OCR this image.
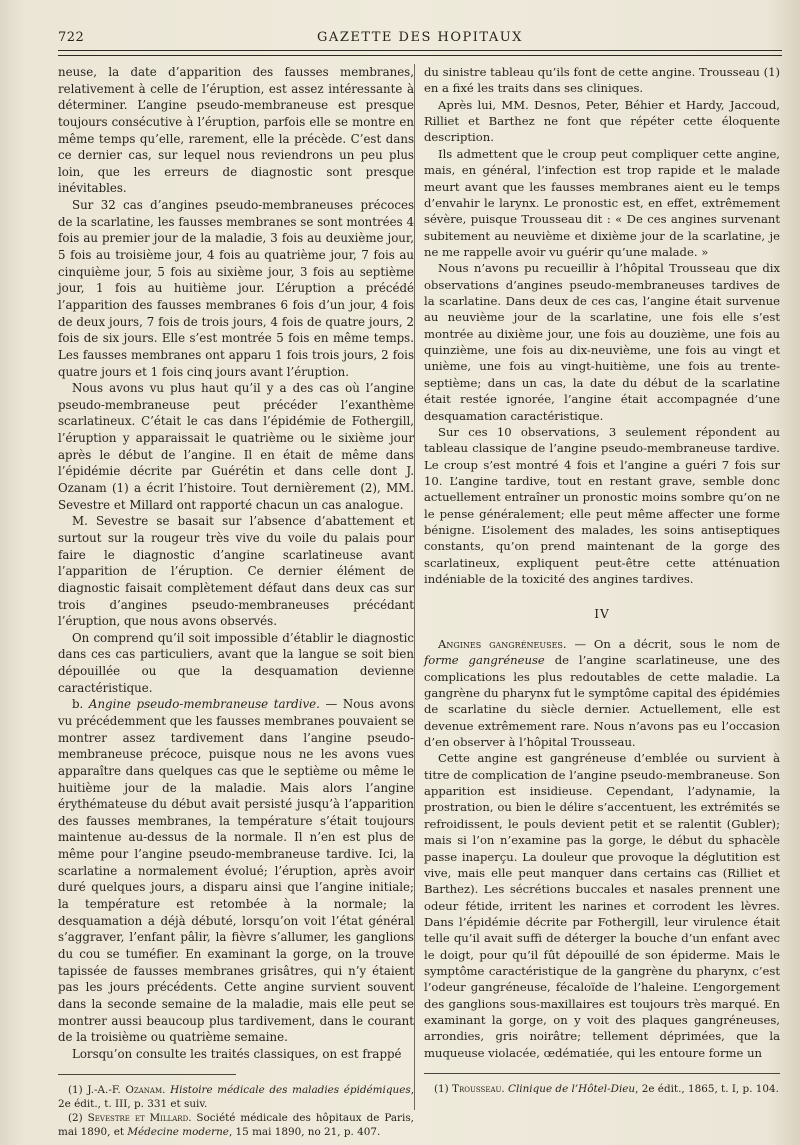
722	GAZETTE DES HOPITAUX

neuse, la date d’apparition des fausses membranes, relativement à celle de l’éruption, est assez intéressante à déterminer. L’angine pseudo-membraneuse est presque toujours consécutive à l’éruption, parfois elle se montre en même temps qu’elle, rarement, elle la précède. C’est dans ce dernier cas, sur lequel nous reviendrons un peu plus loin, que les erreurs de diagnostic sont presque inévitables.

Sur 32 cas d’angines pseudo-membraneuses précoces de la scarlatine, les fausses membranes se sont montrées 4 fois au premier jour de la maladie, 3 fois au deuxième jour, 5 fois au troisième jour, 4 fois au quatrième jour, 7 fois au cinquième jour, 5 fois au sixième jour, 3 fois au septième jour, 1 fois au huitième jour. L’éruption a précédé l’apparition des fausses membranes 6 fois d’un jour, 4 fois de deux jours, 7 fois de trois jours, 4 fois de quatre jours, 2 fois de six jours. Elle s’est montrée 5 fois en même temps. Les fausses membranes ont apparu 1 fois trois jours, 2 fois quatre jours et 1 fois cinq jours avant l’éruption.

Nous avons vu plus haut qu’il y a des cas où l’angine pseudo-membraneuse peut précéder l’exanthème scarlatineux. C’était le cas dans l’épidémie de Fothergill, l’éruption y apparaissait le quatrième ou le sixième jour après le début de l’angine. Il en était de même dans l’épidémie décrite par Guérétin et dans celle dont J. Ozanam (1) a écrit l’histoire. Tout dernièrement (2), MM. Sevestre et Millard ont rapporté chacun un cas analogue.

M. Sevestre se basait sur l’absence d’abattement et surtout sur la rougeur très vive du voile du palais pour faire le diagnostic d’angine scarlatineuse avant l’apparition de l’éruption. Ce dernier élément de diagnostic faisait complètement défaut dans deux cas sur trois d’angines pseudo-membraneuses précédant l’éruption, que nous avons observés.

On comprend qu’il soit impossible d’établir le diagnostic dans ces cas particuliers, avant que la langue se soit bien dépouillée ou que la desquamation devienne caractéristique.

b. Angine pseudo-membraneuse tardive. — Nous avons vu précédemment que les fausses membranes pouvaient se montrer assez tardivement dans l’angine pseudo-membraneuse précoce, puisque nous ne les avons vues apparaître dans quelques cas que le septième ou même le huitième jour de la maladie. Mais alors l’angine érythémateuse du début avait persisté jusqu’à l’apparition des fausses membranes, la température s’était toujours maintenue au-dessus de la normale. Il n’en est plus de même pour l’angine pseudo-membraneuse tardive. Ici, la scarlatine a normalement évolué; l’éruption, après avoir duré quelques jours, a disparu ainsi que l’angine initiale; la température est retombée à la normale; la desquamation a déjà débuté, lorsqu’on voit l’état général s’aggraver, l’enfant pâlir, la fièvre s’allumer, les ganglions du cou se tuméfier. En examinant la gorge, on la trouve tapissée de fausses membranes grisâtres, qui n’y étaient pas les jours précédents. Cette angine survient souvent dans la seconde semaine de la maladie, mais elle peut se montrer aussi beaucoup plus tardivement, dans le courant de la troisième ou quatrième semaine.

Lorsqu’on consulte les traités classiques, on est frappé

(1) J.-A.-F. Ozanam. Histoire médicale des maladies épidémiques, 2e édit., t. III, p. 331 et suiv.
(2) Sevestre et Millard. Société médicale des hôpitaux de Paris, mai 1890, et Médecine moderne, 15 mai 1890, no 21, p. 407.

du sinistre tableau qu’ils font de cette angine. Trousseau (1) en a fixé les traits dans ses cliniques.

Après lui, MM. Desnos, Peter, Béhier et Hardy, Jaccoud, Rilliet et Barthez ne font que répéter cette éloquente description.

Ils admettent que le croup peut compliquer cette angine, mais, en général, l’infection est trop rapide et le malade meurt avant que les fausses membranes aient eu le temps d’envahir le larynx. Le pronostic est, en effet, extrêmement sévère, puisque Trousseau dit : « De ces angines survenant subitement au neuvième et dixième jour de la scarlatine, je ne me rappelle avoir vu guérir qu’une malade. »

Nous n’avons pu recueillir à l’hôpital Trousseau que dix observations d’angines pseudo-membraneuses tardives de la scarlatine. Dans deux de ces cas, l’angine était survenue au neuvième jour de la scarlatine, une fois elle s’est montrée au dixième jour, une fois au douzième, une fois au quinzième, une fois au dix-neuvième, une fois au vingt et unième, une fois au vingt-huitième, une fois au trente-septième; dans un cas, la date du début de la scarlatine était restée ignorée, l’angine était accompagnée d’une desquamation caractéristique.

Sur ces 10 observations, 3 seulement répondent au tableau classique de l’angine pseudo-membraneuse tardive. Le croup s’est montré 4 fois et l’angine a guéri 7 fois sur 10. L’angine tardive, tout en restant grave, semble donc actuellement entraîner un pronostic moins sombre qu’on ne le pense généralement; elle peut même affecter une forme bénigne. L’isolement des malades, les soins antiseptiques constants, qu’on prend maintenant de la gorge des scarlatineux, expliquent peut-être cette atténuation indéniable de la toxicité des angines tardives.

IV

Angines gangréneuses. — On a décrit, sous le nom de forme gangréneuse de l’angine scarlatineuse, une des complications les plus redoutables de cette maladie. La gangrène du pharynx fut le symptôme capital des épidémies de scarlatine du siècle dernier. Actuellement, elle est devenue extrêmement rare. Nous n’avons pas eu l’occasion d’en observer à l’hôpital Trousseau.

Cette angine est gangréneuse d’emblée ou survient à titre de complication de l’angine pseudo-membraneuse. Son apparition est insidieuse. Cependant, l’adynamie, la prostration, ou bien le délire s’accentuent, les extrémités se refroidissent, le pouls devient petit et se ralentit (Gubler); mais si l’on n’examine pas la gorge, le début du sphacèle passe inaperçu. La douleur que provoque la déglutition est vive, mais elle peut manquer dans certains cas (Rilliet et Barthez). Les sécrétions buccales et nasales prennent une odeur fétide, irritent les narines et corrodent les lèvres. Dans l’épidémie décrite par Fothergill, leur virulence était telle qu’il avait suffi de déterger la bouche d’un enfant avec le doigt, pour qu’il fût dépouillé de son épiderme. Mais le symptôme caractéristique de la gangrène du pharynx, c’est l’odeur gangréneuse, fécaloïde de l’haleine. L’engorgement des ganglions sous-maxillaires est toujours très marqué. En examinant la gorge, on y voit des plaques gangréneuses, arrondies, gris noirâtre; tellement déprimées, que la muqueuse violacée, œdématiée, qui les entoure forme un

(1) Trousseau. Clinique de l’Hôtel-Dieu, 2e édit., 1865, t. I, p. 104.
